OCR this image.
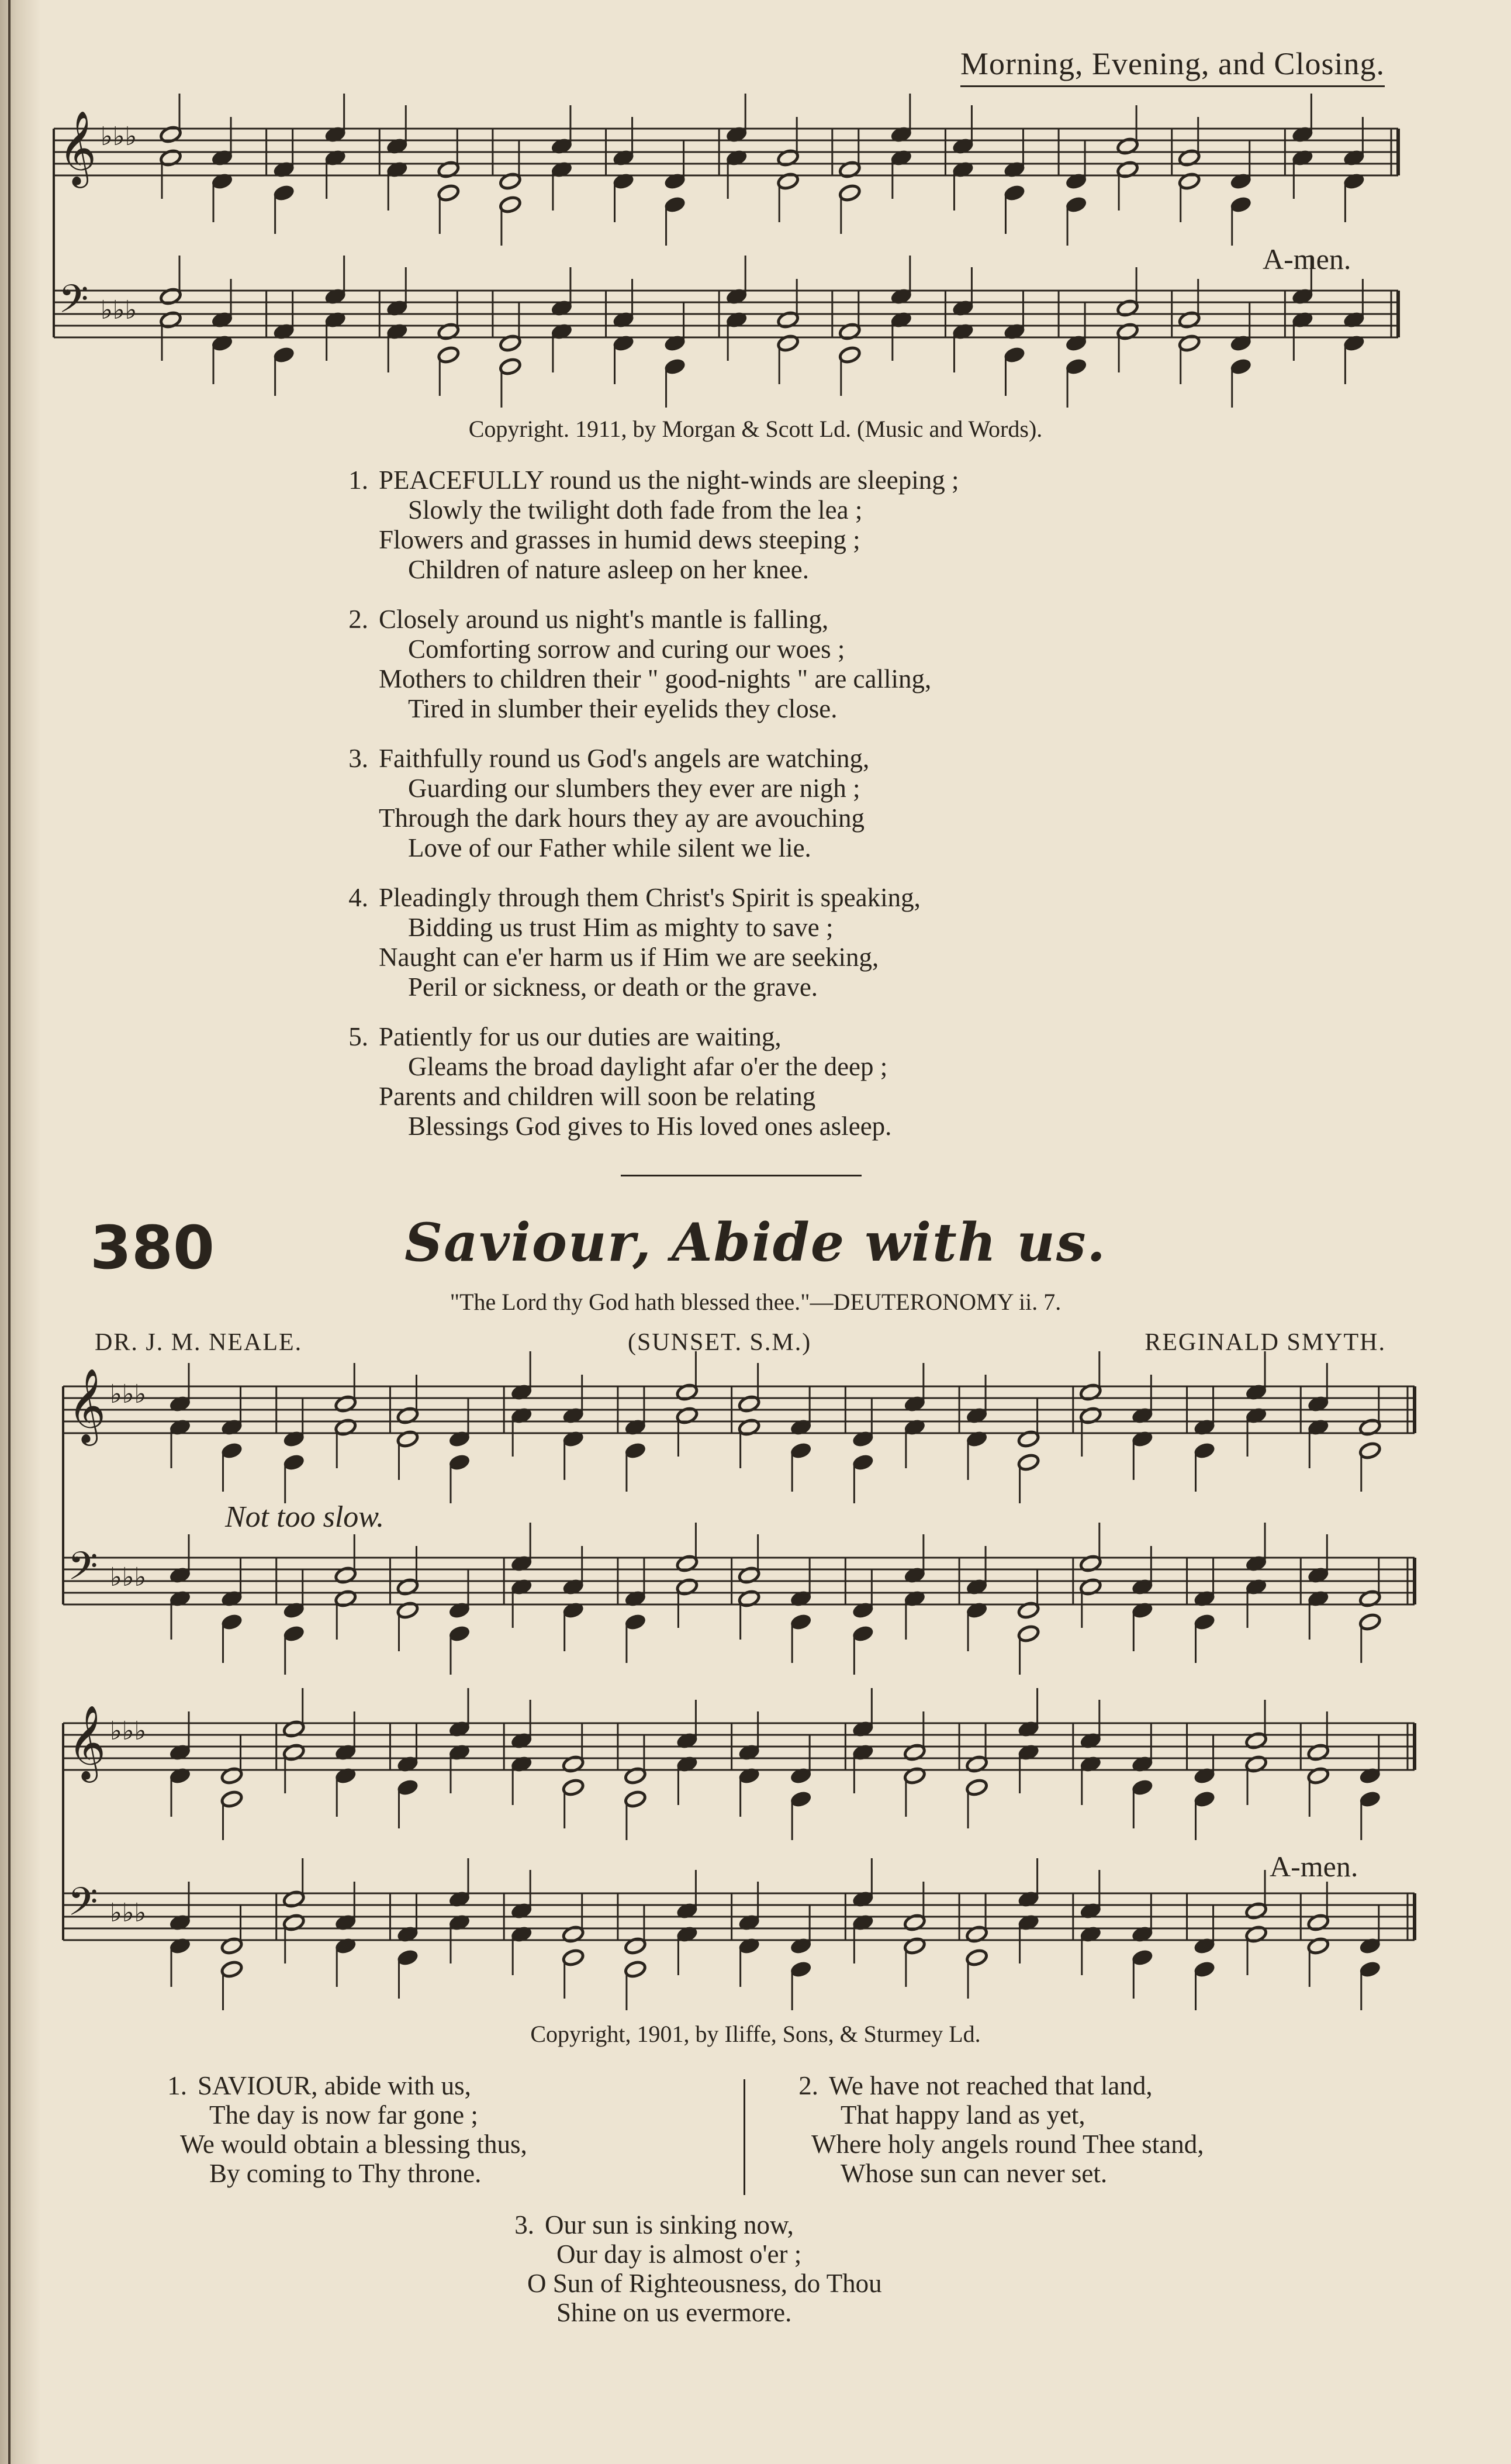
Morning, Evening, and Closing.
𝄞 ♭♭♭
𝄢 ♭♭♭
𝄞 ♭♭♭
𝄢 ♭♭♭
𝄞 ♭♭♭
𝄢 ♭♭♭
A-men.
Copyright. 1911, by Morgan & Scott Ld. (Music and Words).
1. PEACEFULLY round us the night-winds are sleeping ;
Slowly the twilight doth fade from the lea ;
Flowers and grasses in humid dews steeping ;
Children of nature asleep on her knee.
2. Closely around us night's mantle is falling,
Comforting sorrow and curing our woes ;
Mothers to children their " good-nights " are calling,
Tired in slumber their eyelids they close.
3. Faithfully round us God's angels are watching,
Guarding our slumbers they ever are nigh ;
Through the dark hours they ay are avouching
Love of our Father while silent we lie.
4. Pleadingly through them Christ's Spirit is speaking,
Bidding us trust Him as mighty to save ;
Naught can e'er harm us if Him we are seeking,
Peril or sickness, or death or the grave.
5. Patiently for us our duties are waiting,
Gleams the broad daylight afar o'er the deep ;
Parents and children will soon be relating
Blessings God gives to His loved ones asleep.
380	Saviour, Abide with us.
"The Lord thy God hath blessed thee."—DEUTERONOMY ii. 7.
DR. J. M. NEALE.	(SUNSET. S.M.)	REGINALD SMYTH.
Not too slow.
A-men.
Copyright, 1901, by Iliffe, Sons, & Sturmey Ld.
1. SAVIOUR, abide with us,
The day is now far gone ;
We would obtain a blessing thus,
By coming to Thy throne.
2. We have not reached that land,
That happy land as yet,
Where holy angels round Thee stand,
Whose sun can never set.
3. Our sun is sinking now,
Our day is almost o'er ;
O Sun of Righteousness, do Thou
Shine on us evermore.
